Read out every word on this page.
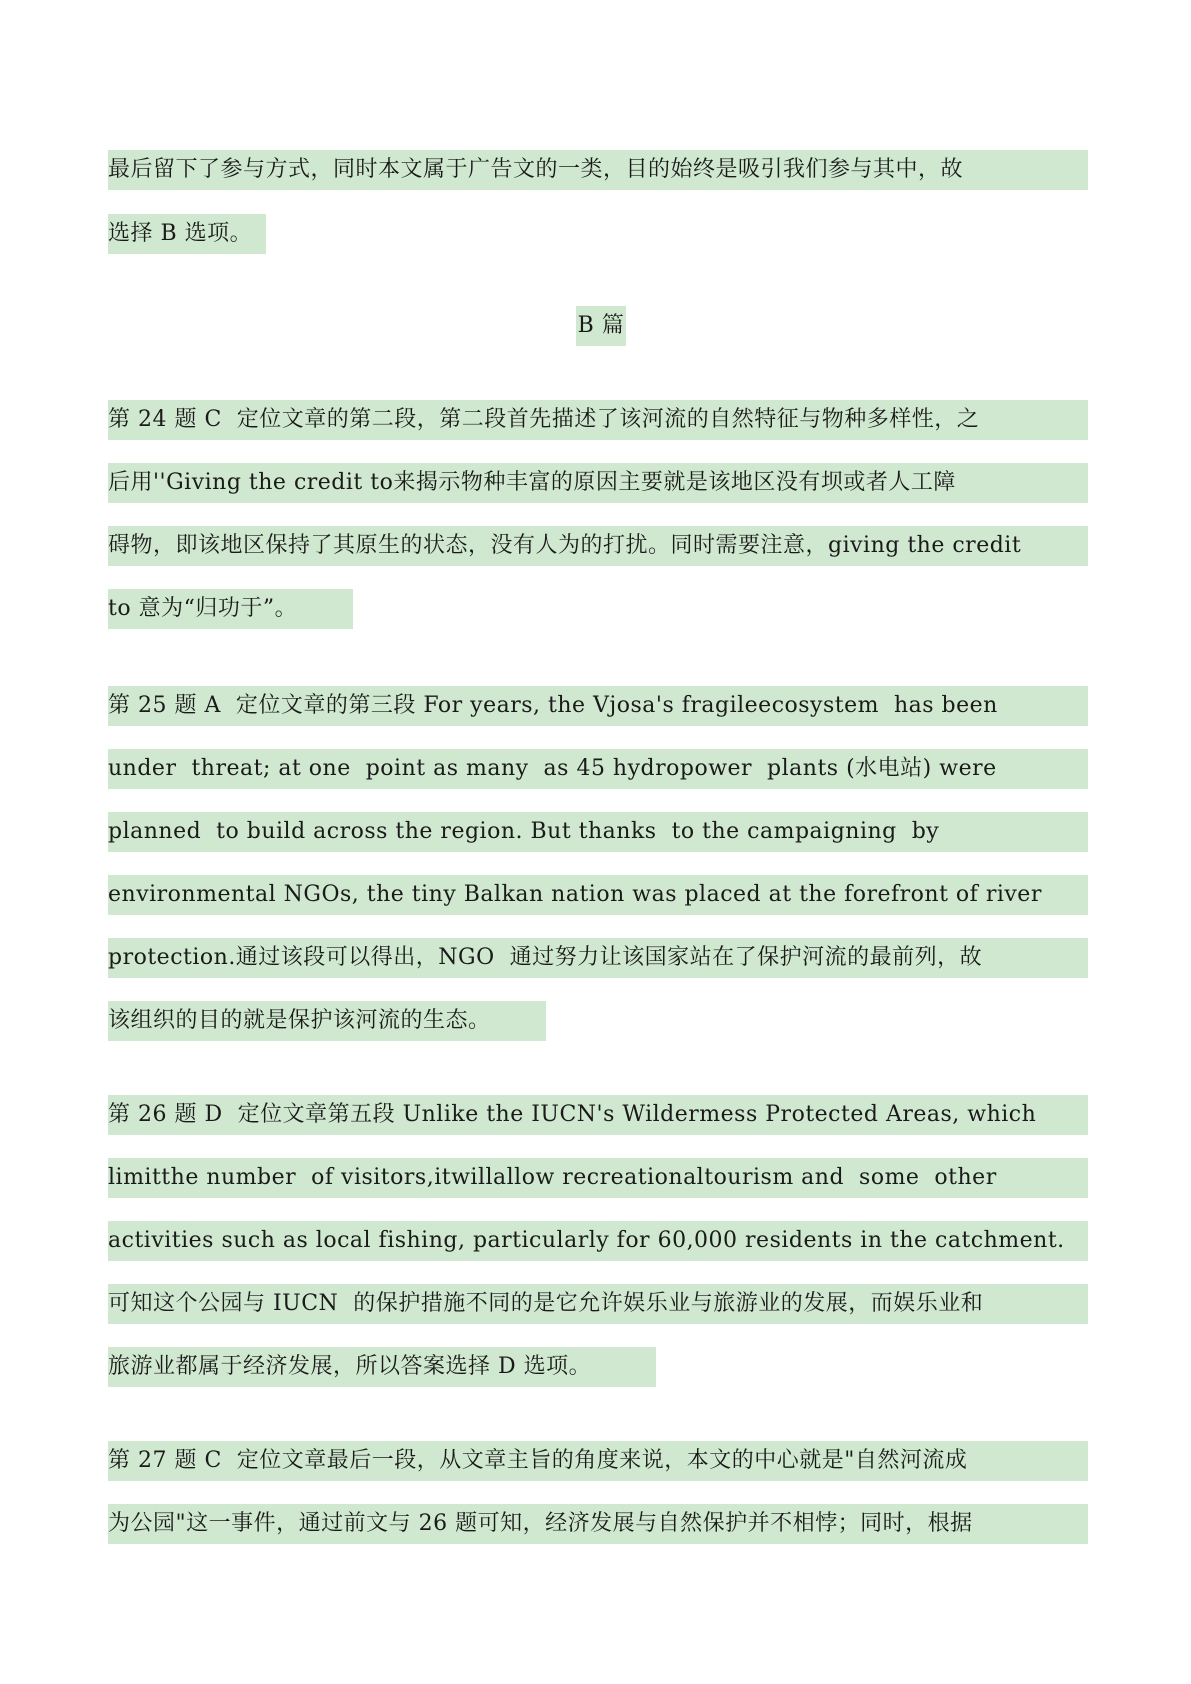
最后留下了参与方式，同时本文属于广告文的一类，目的始终是吸引我们参与其中，故
选择 B 选项。
B 篇
第 24 题 C  定位文章的第二段，第二段首先描述了该河流的自然特征与物种多样性，之
后用''Giving the credit to来揭示物种丰富的原因主要就是该地区没有坝或者人工障
碍物，即该地区保持了其原生的状态，没有人为的打扰。同时需要注意，giving the credit
to 意为“归功于”。
第 25 题 A  定位文章的第三段 For years, the Vjosa's fragileecosystem  has been
under  threat; at one  point as many  as 45 hydropower  plants (水电站) were
planned  to build across the region. But thanks  to the campaigning  by
environmental NGOs, the tiny Balkan nation was placed at the forefront of river
protection.通过该段可以得出，NGO  通过努力让该国家站在了保护河流的最前列，故
该组织的目的就是保护该河流的生态。
第 26 题 D  定位文章第五段 Unlike the IUCN's Wildermess Protected Areas, which
limitthe number  of visitors,itwillallow recreationaltourism and  some  other
activities such as local fishing, particularly for 60,000 residents in the catchment.
可知这个公园与 IUCN  的保护措施不同的是它允许娱乐业与旅游业的发展，而娱乐业和
旅游业都属于经济发展，所以答案选择 D 选项。
第 27 题 C  定位文章最后一段，从文章主旨的角度来说，本文的中心就是"自然河流成
为公园"这一事件，通过前文与 26 题可知，经济发展与自然保护并不相悖；同时，根据
